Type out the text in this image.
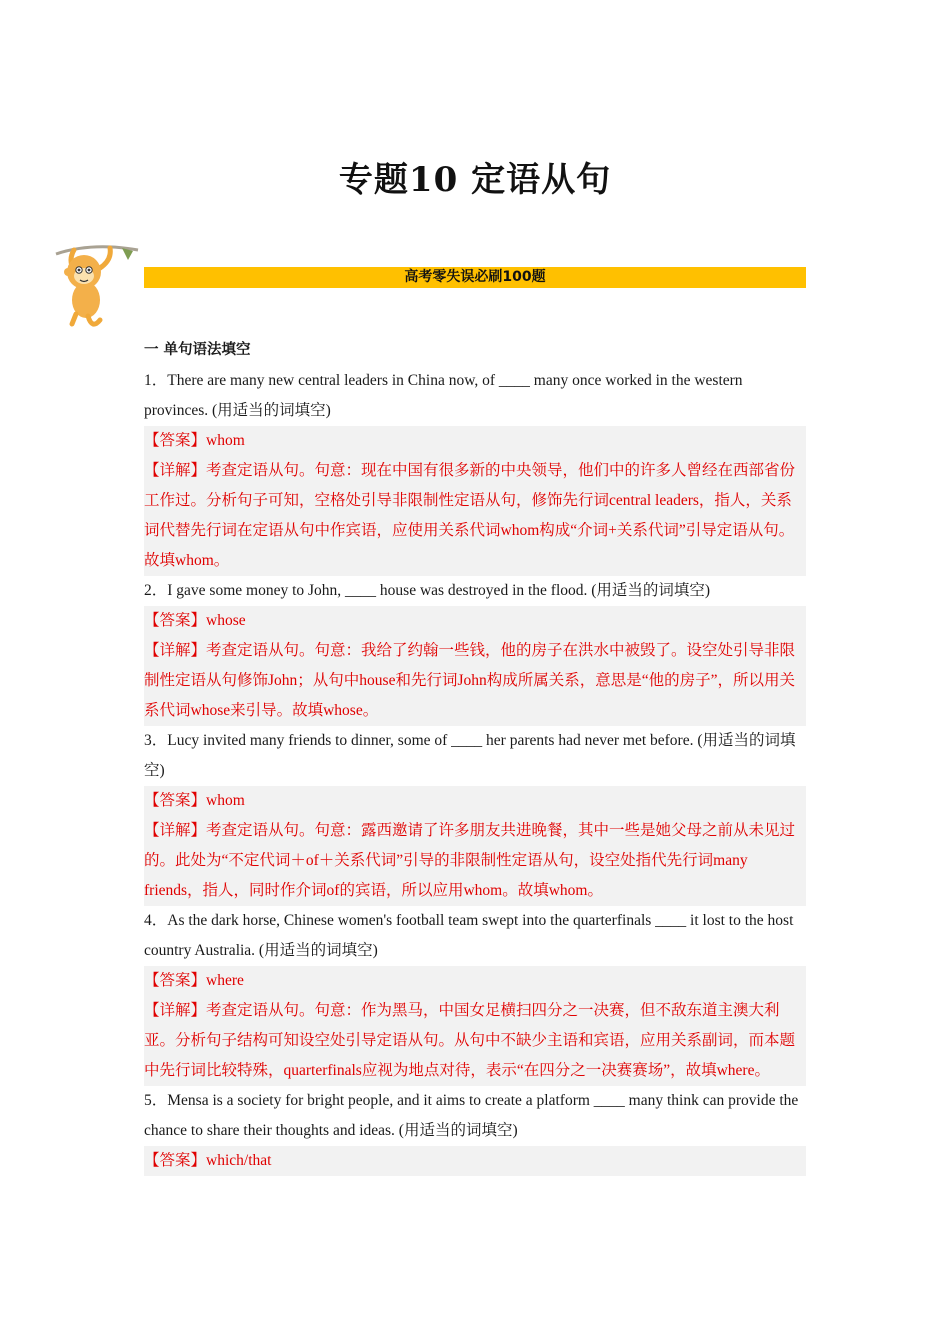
专题10 定语从句
高考零失误必刷100题
一 单句语法填空

1．There are many new central leaders in China now, of ____ many once worked in the western provinces. (用适当的词填空)

【答案】whom

【详解】考查定语从句。句意：现在中国有很多新的中央领导，他们中的许多人曾经在西部省份工作过。分析句子可知，空格处引导非限制性定语从句，修饰先行词central leaders，指人，关系词代替先行词在定语从句中作宾语，应使用关系代词whom构成“介词+关系代词”引导定语从句。故填whom。

2．I gave some money to John, ____ house was destroyed in the flood. (用适当的词填空)

【答案】whose

【详解】考查定语从句。句意：我给了约翰一些钱，他的房子在洪水中被毁了。设空处引导非限制性定语从句修饰John；从句中house和先行词John构成所属关系，意思是“他的房子”，所以用关系代词whose来引导。故填whose。

3．Lucy invited many friends to dinner, some of ____ her parents had never met before. (用适当的词填空)

【答案】whom

【详解】考查定语从句。句意：露西邀请了许多朋友共进晚餐，其中一些是她父母之前从未见过的。此处为“不定代词＋of＋关系代词”引导的非限制性定语从句，设空处指代先行词many friends，指人，同时作介词of的宾语，所以应用whom。故填whom。

4．As the dark horse, Chinese women's football team swept into the quarterfinals ____ it lost to the host country Australia. (用适当的词填空)

【答案】where

【详解】考查定语从句。句意：作为黑马，中国女足横扫四分之一决赛，但不敌东道主澳大利亚。分析句子结构可知设空处引导定语从句。从句中不缺少主语和宾语，应用关系副词，而本题中先行词比较特殊，quarterfinals应视为地点对待，表示“在四分之一决赛赛场”，故填where。

5．Mensa is a society for bright people, and it aims to create a platform ____ many think can provide the chance to share their thoughts and ideas. (用适当的词填空)

【答案】which/that
